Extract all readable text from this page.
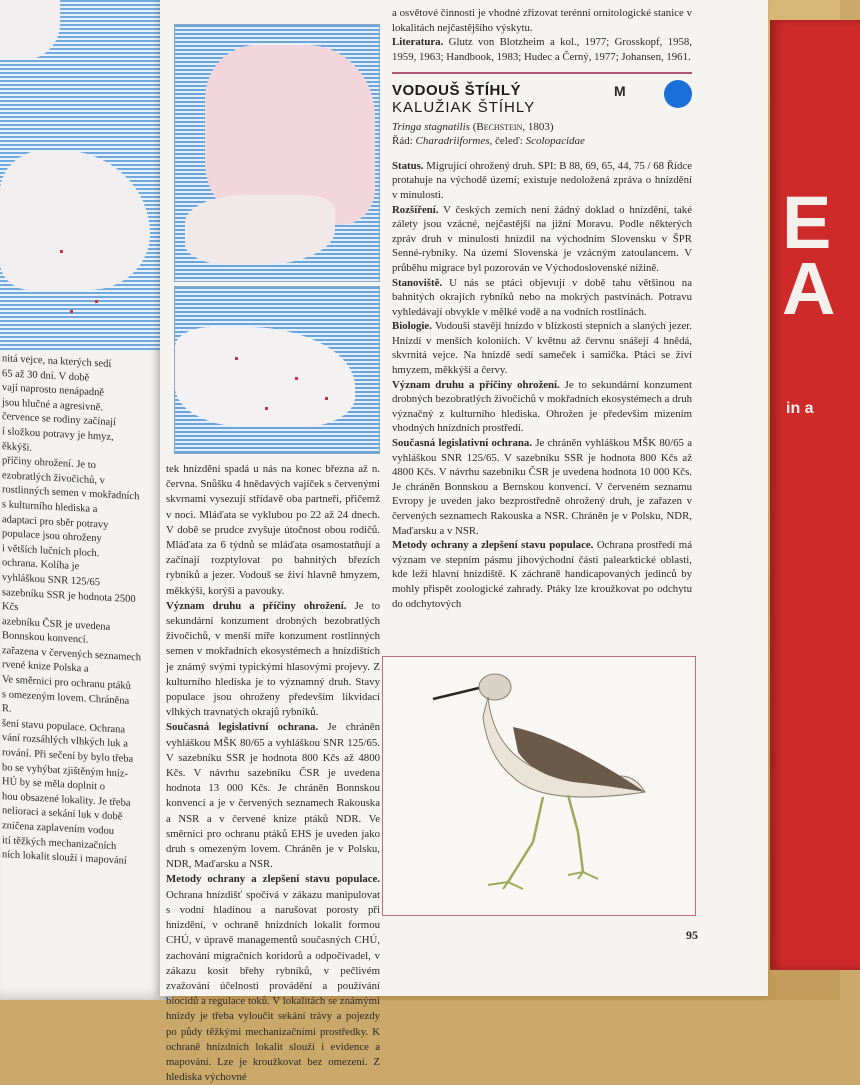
E
A
in a

nitá vejce, na kterých sedí

65 až 30 dní. V době

vají naprosto nenápadně

jsou hlučné a agresivně.

července se rodiny začínají

í složkou potravy je hmyz,

ěkkýši.

příčiny ohrožení. Je to

ezobratlých živočichů, v

rostlinných semen v mokřadních

s kulturního hlediska a

adaptaci pro sběr potravy

populace jsou ohroženy

i větších lučních ploch.

ochrana. Kolíha je

vyhláškou SNR 125/65

sazebníku SSR je hodnota 2500 Kčs

azebníku ČSR je uvedena

Bonnskou konvencí.

zařazena v červených seznamech

rvené knize Polska a

Ve směrnici pro ochranu ptáků

s omezeným lovem. Chráněna

R.

šení stavu populace. Ochrana

vání rozsáhlých vlhkých luk a

rování. Při sečení by bylo třeba

bo se vyhýbat zjištěným hníz-

HÚ by se měla doplnit o

hou obsazené lokality. Je třeba

nelioraci a sekání luk v době

zničena zaplavením vodou

ití těžkých mechanizačních

ních lokalit slouží i mapování

tek hnízdění spadá u nás na konec března až n. června. Snůšku 4 hnědavých vajíček s červenými skvrnami vysezují střídavě oba partneři, přičemž v noci. Mláďata se vyklubou po 22 až 24 dnech. V době se prudce zvyšuje útočnost obou rodičů. Mláďata za 6 týdnů se mláďata osamostatňují a začínají rozptylovat po bahnitých březích rybníků a jezer. Vodouš se živí hlavně hmyzem, měkkýši, korýši a pavouky.

Význam druhu a příčiny ohrožení. Je to sekundární konzument drobných bezobratlých živočichů, v menší míře konzument rostlinných semen v mokřadních ekosystémech a hnízdištích je známý svými typickými hlasovými projevy. Z kulturního hlediska je to významný druh. Stavy populace jsou ohroženy především likvidací vlhkých travnatých okrajů rybníků.

Současná legislativní ochrana. Je chráněn vyhláškou MŠK 80/65 a vyhláškou SNR 125/65. V sazebníku SSR je hodnota 800 Kčs až 4800 Kčs. V návrhu sazebníku ČSR je uvedena hodnota 13 000 Kčs. Je chráněn Bonnskou konvencí a je v červených seznamech Rakouska a NSR a v červené knize ptáků NDR. Ve směrnici pro ochranu ptáků EHS je uveden jako druh s omezeným lovem. Chráněn je v Polsku, NDR, Maďarsku a NSR.

Metody ochrany a zlepšení stavu populace. Ochrana hnízdišť spočívá v zákazu manipulovat s vodní hladinou a narušovat porosty při hnízdění, v ochraně hnízdních lokalit formou CHÚ, v úpravě managementů současných CHÚ, zachování migračních koridorů a odpočívadel, v zákazu kosit břehy rybníků, v pečlivém zvažování účelnosti provádění a používání biocidů a regulace toků. V lokalitách se známými hnízdy je třeba vyloučit sekání trávy a pojezdy po půdy těžkými mechanizačními prostředky. K ochraně hnízdních lokalit slouží i evidence a mapování. Lze je kroužkovat bez omezení. Z hlediska výchovné

a osvětové činnosti je vhodné zřizovat terénní ornitologické stanice v lokalitách nejčastějšího výskytu.

Literatura. Glutz von Blotzheim a kol., 1977; Grosskopf, 1958, 1959, 1963; Handbook, 1983; Hudec a Černý, 1977; Johansen, 1961.

VODOUŠ ŠTÍHLÝ
KALUŽIAK ŠTÍHLY
Tringa stagnatilis (Bechstein, 1803)
Řád: Charadriiformes, čeleď: Scolopacidae
M

Status. Migrující ohrožený druh. SPI: B 88, 69, 65, 44, 75 / 68 Řídce protahuje na východě území; existuje nedoložená zpráva o hnízdění v minulosti.

Rozšíření. V českých zemích není žádný doklad o hnízdění, také zálety jsou vzácné, nejčastější na jižní Moravu. Podle některých zpráv druh v minulosti hnízdil na východním Slovensku v ŠPR Senné-rybníky. Na území Slovenska je vzácným zatoulancem. V průběhu migrace byl pozorován ve Východoslovenské nížině.

Stanoviště. U nás se ptáci objevují v době tahu většinou na bahnitých okrajích rybníků nebo na mokrých pastvinách. Potravu vyhledávají obvykle v mělké vodě a na vodních rostlinách.

Biologie. Vodouši stavějí hnízdo v blízkosti stepních a slaných jezer. Hnízdí v menších koloniích. V květnu až červnu snášejí 4 hnědá, skvrnitá vejce. Na hnízdě sedí sameček i samička. Ptáci se živí hmyzem, měkkýši a červy.

Význam druhu a příčiny ohrožení. Je to sekundární konzument drobných bezobratlých živočichů v mokřadních ekosystémech a druh význačný z kulturního hlediska. Ohrožen je především mizením vhodných hnízdních prostředí.

Současná legislativní ochrana. Je chráněn vyhláškou MŠK 80/65 a vyhláškou SNR 125/65. V sazebníku SSR je hodnota 800 Kčs až 4800 Kčs. V návrhu sazebníku ČSR je uvedena hodnota 10 000 Kčs. Je chráněn Bonnskou a Bernskou konvencí. V červeném seznamu Evropy je uveden jako bezprostředně ohrožený druh, je zařazen v červených seznamech Rakouska a NSR. Chráněn je v Polsku, NDR, Maďarsku a v NSR.

Metody ochrany a zlepšení stavu populace. Ochrana prostředí má význam ve stepním pásmu jihovýchodní části palearktické oblasti, kde leží hlavní hnízdiště. K záchraně handicapovaných jedinců by mohly přispět zoologické zahrady. Ptáky lze kroužkovat po odchytu do odchytových

95
